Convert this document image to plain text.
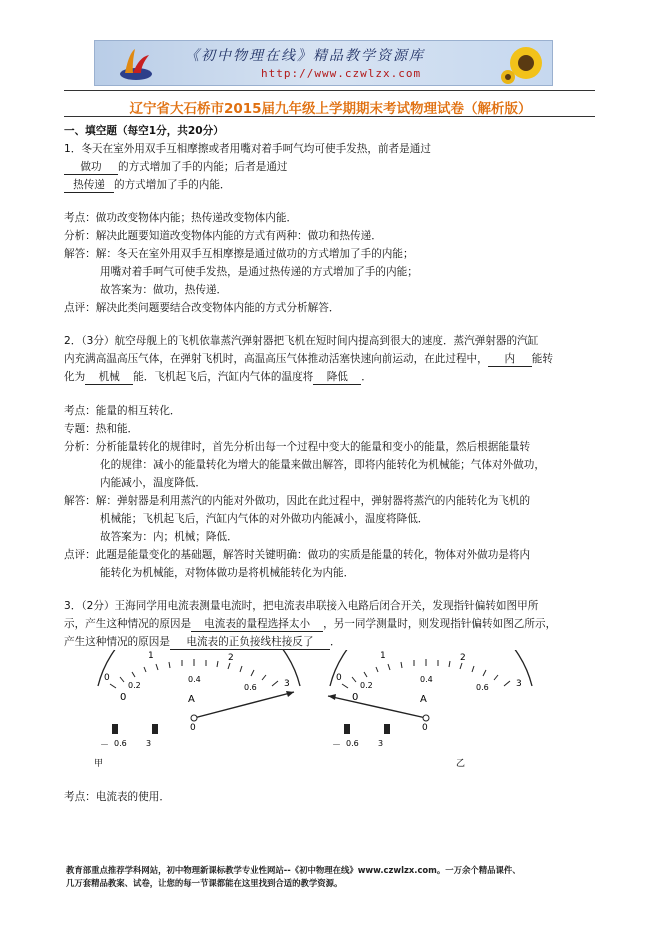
《初中物理在线》精品教学资源库
http://www.czwlzx.com
辽宁省大石桥市2015届九年级上学期期末考试物理试卷（解析版）
一、填空题（每空1分，共20分）
1．冬天在室外用双手互相摩擦或者用嘴对着手呵气均可使手发热，前者是通过
做功 的方式增加了手的内能；后者是通过
热传递 的方式增加了手的内能．
考点：做功改变物体内能；热传递改变物体内能．
分析：解决此题要知道改变物体内能的方式有两种：做功和热传递．
解答：解：冬天在室外用双手互相摩擦是通过做功的方式增加了手的内能；
用嘴对着手呵气可使手发热，是通过热传递的方式增加了手的内能；
故答案为：做功，热传递．
点评：解决此类问题要结合改变物体内能的方式分析解答．
2．（3分）航空母舰上的飞机依靠蒸汽弹射器把飞机在短时间内提高到很大的速度．蒸汽弹射器的汽缸
内充满高温高压气体，在弹射飞机时，高温高压气体推动活塞快速向前运动，在此过程中， 内 能转
化为 机械 能．飞机起飞后，汽缸内气体的温度将 降低 ．
考点：能量的相互转化．
专题：热和能．
分析：分析能量转化的规律时，首先分析出每一个过程中变大的能量和变小的能量，然后根据能量转
化的规律：减小的能量转化为增大的能量来做出解答，即将内能转化为机械能；气体对外做功，
内能减小，温度降低．
解答：解：弹射器是利用蒸汽的内能对外做功，因此在此过程中，弹射器将蒸汽的内能转化为飞机的
机械能；飞机起飞后，汽缸内气体的对外做功内能减小，温度将降低．
故答案为：内；机械；降低．
点评：此题是能量变化的基础题，解答时关键明确：做功的实质是能量的转化，物体对外做功是将内
能转化为机械能，对物体做功是将机械能转化为内能．
3．（2分）王海同学用电流表测量电流时，把电流表串联接入电路后闭合开关，发现指针偏转如图甲所
示，产生这种情况的原因是 电流表的量程选择太小 ，另一同学测量时，则发现指针偏转如图乙所示，
产生这种情况的原因是 电流表的正负接线柱接反了 ．
0
1	2
3
0.2
0.4
0.6
0	A
0
－ 0.6 3
甲
0
1	2
3
0.2
0.4
0.6
0	A
0
－ 0.6 3
乙
考点：电流表的使用．
教育部重点推荐学科网站，初中物理新课标教学专业性网站--《初中物理在线》www.czwlzx.com。一万余个精品课件、
几万套精品教案、试卷，让您的每一节课都能在这里找到合适的教学资源。
